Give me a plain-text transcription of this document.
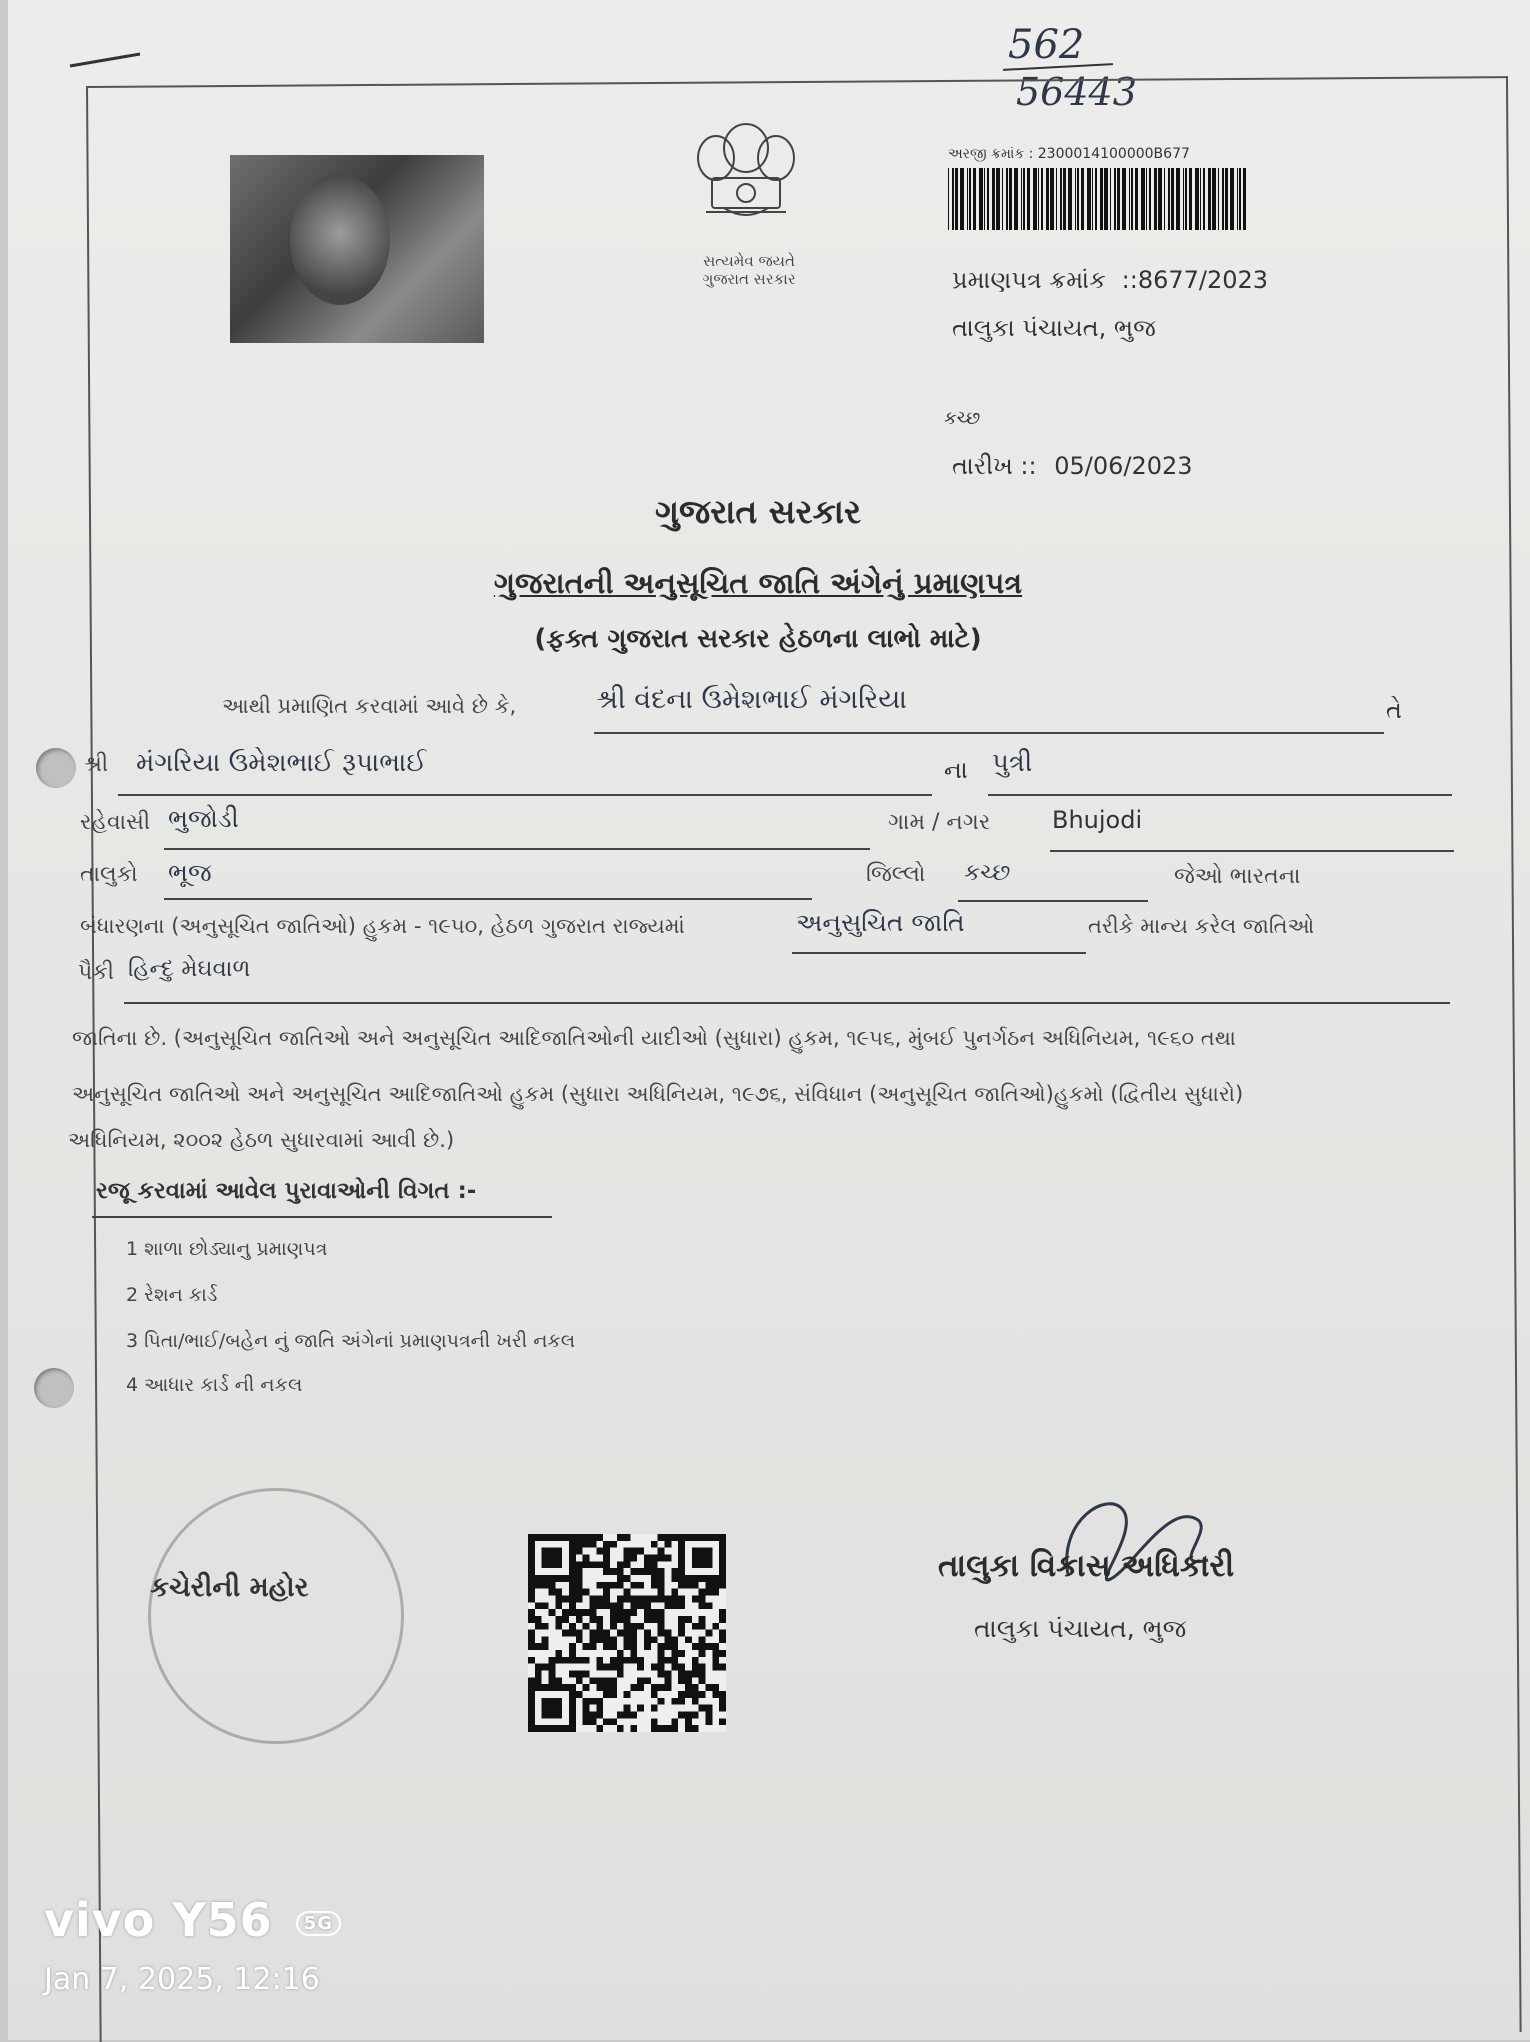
562
56443
સત્યમેવ જયતે
ગુજરાત સરકાર
અરજી ક્રમાંક : 2300014100000B677
પ્રમાણપત્ર ક્રમાંક ::8677/2023
તાલુકા પંચાયત, ભુજ
કચ્છ
તારીખ :: 05/06/2023
ગુજરાત સરકાર
ગુજરાતની અનુસૂચિત જાતિ અંગેનું પ્રમાણપત્ર
(ફક્ત ગુજરાત સરકાર હેઠળના લાભો માટે)
આથી પ્રમાણિત કરવામાં આવે છે કે,	શ્રી વંદના ઉમેશભાઈ મંગરિયા	તે
શ્રી મંગરિયા ઉમેશભાઈ રૂપાભાઈ	ના પુત્રી
રહેવાસી ભુજોડી	ગામ / નગર	Bhujodi
તાલુકો ભૂજ	જિલ્લો કચ્છ	જેઓ ભારતના
બંધારણના (અનુસૂચિત જાતિઓ) હુકમ - ૧૯૫૦, હેઠળ ગુજરાત રાજ્યમાં	અનુસુચિત જાતિ	તરીકે માન્ય કરેલ જાતિઓ
પૈકી હિન્દુ મેઘવાળ
જાતિના છે. (અનુસૂચિત જાતિઓ અને અનુસૂચિત આદિજાતિઓની યાદીઓ (સુધારા) હુકમ, ૧૯૫૬, મુંબઈ પુનર્ગઠન અધિનિયમ, ૧૯૬૦ તથા
અનુસૂચિત જાતિઓ અને અનુસૂચિત આદિજાતિઓ હુકમ (સુધારા અધિનિયમ, ૧૯૭૬, સંવિધાન (અનુસૂચિત જાતિઓ)હુકમો (દ્વિતીય સુધારો)
અધિનિયમ, ૨૦૦૨ હેઠળ સુધારવામાં આવી છે.)
રજૂ કરવામાં આવેલ પુરાવાઓની વિગત :-
1 શાળા છોડ્યાનુ પ્રમાણપત્ર
2 રેશન કાર્ડ
3 પિતા/ભાઈ/બહેન નું જાતિ અંગેનાં પ્રમાણપત્રની ખરી નકલ
4 આધાર કાર્ડ ની નકલ
કચેરીની મહોર
તાલુકા વિકાસ અધિકારી
તાલુકા પંચાયત, ભુજ
vivo Y56 5G
Jan 7, 2025, 12:16
